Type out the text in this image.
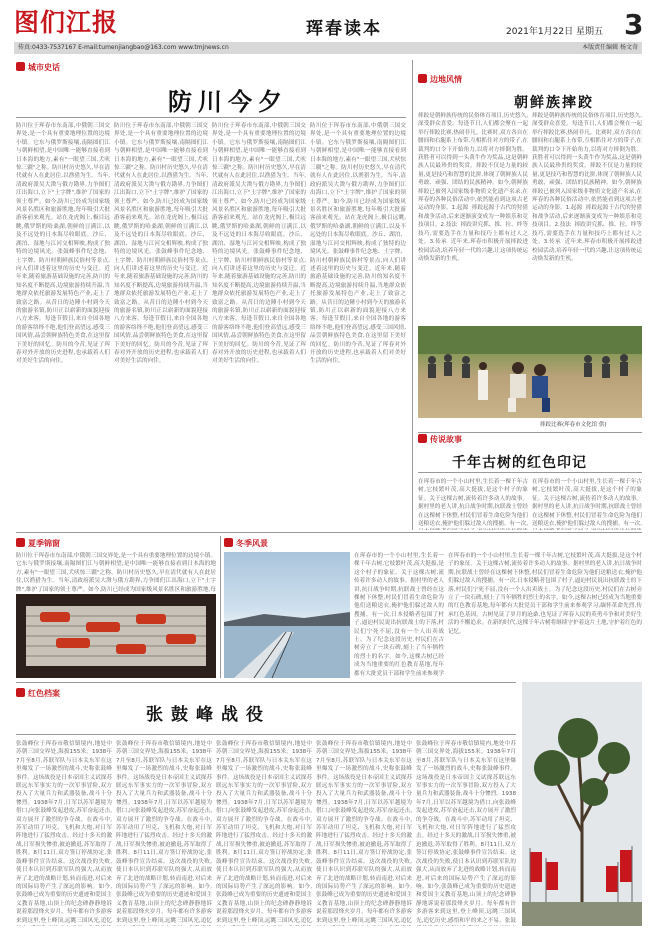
图们江报	珲春读本	2021年1月22日 星期五 3
传真:0433-7537167 E-mail:tumenjiangbao@163.com www.tmjnews.cn	本版责任编辑 杨文奇
城市史话
防川今夕
防川位于珲春市东南部,中俄朝三国交界处,是一个具有重要地理位置的边境小镇。它东与俄罗斯接壤,南隔图们江与朝鲜相望,是中国唯一能够直接看到日本海的地方,素有"一眼望三国,犬吠惊三疆"之称。防川村历史悠久,早在清代就有人在此居住,以渔猎为生。当年,清政府派吴大澂与俄方勘界,力争图们江出海口,立下"土字牌",维护了国家的领土尊严。如今,防川已经成为国家级风景名胜区和旅游胜地,每年吸引大批游客前来观光。站在龙虎阁上,极目远眺,俄罗斯的哈桑湖,朝鲜的豆满江,以及不远处的日本海尽收眼底。沙丘、湖泊、湿地与江河交相辉映,构成了独特的边境风光。张鼓峰事件纪念地、土字牌、防川村朝鲜族民俗村等景点,向人们讲述着这里的历史与变迁。近年来,随着旅游基础设施的完善,防川的知名度不断提高,边境旅游持续升温,当地群众依托旅游发展特色产业,走上了致富之路。从昔日的边陲小村到今天的旅游名镇,防川正以崭新的面貌迎接八方来客。每逢节假日,来自全国各地的游客络绎不绝,他们登高望远,感受三国风情,品尝朝鲜族特色美食,在这里留下美好的回忆。防川的今昔,见证了珲春对外开放的历史进程,也承载着人们对美好生活的向往。
防川位于珲春市东南部,中俄朝三国交界处,是一个具有重要地理位置的边境小镇。它东与俄罗斯接壤,南隔图们江与朝鲜相望,是中国唯一能够直接看到日本海的地方,素有"一眼望三国,犬吠惊三疆"之称。防川村历史悠久,早在清代就有人在此居住,以渔猎为生。当年,清政府派吴大澂与俄方勘界,力争图们江出海口,立下"土字牌",维护了国家的领土尊严。如今,防川已经成为国家级风景名胜区和旅游胜地,每年吸引大批游客前来观光。站在龙虎阁上,极目远眺,俄罗斯的哈桑湖,朝鲜的豆满江,以及不远处的日本海尽收眼底。沙丘、湖泊、湿地与江河交相辉映,构成了独特的边境风光。张鼓峰事件纪念地、土字牌、防川村朝鲜族民俗村等景点,向人们讲述着这里的历史与变迁。近年来,随着旅游基础设施的完善,防川的知名度不断提高,边境旅游持续升温,当地群众依托旅游发展特色产业,走上了致富之路。从昔日的边陲小村到今天的旅游名镇,防川正以崭新的面貌迎接八方来客。每逢节假日,来自全国各地的游客络绎不绝,他们登高望远,感受三国风情,品尝朝鲜族特色美食,在这里留下美好的回忆。防川的今昔,见证了珲春对外开放的历史进程,也承载着人们对美好生活的向往。
防川位于珲春市东南部,中俄朝三国交界处,是一个具有重要地理位置的边境小镇。它东与俄罗斯接壤,南隔图们江与朝鲜相望,是中国唯一能够直接看到日本海的地方,素有"一眼望三国,犬吠惊三疆"之称。防川村历史悠久,早在清代就有人在此居住,以渔猎为生。当年,清政府派吴大澂与俄方勘界,力争图们江出海口,立下"土字牌",维护了国家的领土尊严。如今,防川已经成为国家级风景名胜区和旅游胜地,每年吸引大批游客前来观光。站在龙虎阁上,极目远眺,俄罗斯的哈桑湖,朝鲜的豆满江,以及不远处的日本海尽收眼底。沙丘、湖泊、湿地与江河交相辉映,构成了独特的边境风光。张鼓峰事件纪念地、土字牌、防川村朝鲜族民俗村等景点,向人们讲述着这里的历史与变迁。近年来,随着旅游基础设施的完善,防川的知名度不断提高,边境旅游持续升温,当地群众依托旅游发展特色产业,走上了致富之路。从昔日的边陲小村到今天的旅游名镇,防川正以崭新的面貌迎接八方来客。每逢节假日,来自全国各地的游客络绎不绝,他们登高望远,感受三国风情,品尝朝鲜族特色美食,在这里留下美好的回忆。防川的今昔,见证了珲春对外开放的历史进程,也承载着人们对美好生活的向往。
防川位于珲春市东南部,中俄朝三国交界处,是一个具有重要地理位置的边境小镇。它东与俄罗斯接壤,南隔图们江与朝鲜相望,是中国唯一能够直接看到日本海的地方,素有"一眼望三国,犬吠惊三疆"之称。防川村历史悠久,早在清代就有人在此居住,以渔猎为生。当年,清政府派吴大澂与俄方勘界,力争图们江出海口,立下"土字牌",维护了国家的领土尊严。如今,防川已经成为国家级风景名胜区和旅游胜地,每年吸引大批游客前来观光。站在龙虎阁上,极目远眺,俄罗斯的哈桑湖,朝鲜的豆满江,以及不远处的日本海尽收眼底。沙丘、湖泊、湿地与江河交相辉映,构成了独特的边境风光。张鼓峰事件纪念地、土字牌、防川村朝鲜族民俗村等景点,向人们讲述着这里的历史与变迁。近年来,随着旅游基础设施的完善,防川的知名度不断提高,边境旅游持续升温,当地群众依托旅游发展特色产业,走上了致富之路。从昔日的边陲小村到今天的旅游名镇,防川正以崭新的面貌迎接八方来客。每逢节假日,来自全国各地的游客络绎不绝,他们登高望远,感受三国风情,品尝朝鲜族特色美食,在这里留下美好的回忆。防川的今昔,见证了珲春对外开放的历史进程,也承载着人们对美好生活的向往。
边地风情
朝鲜族摔跤
摔跤是朝鲜族传统的民俗体育项目,历史悠久,深受群众喜爱。每逢节日,人们都会聚在一起举行摔跤比赛,热闹非凡。比赛时,双方各自在腰间和右腿系上布带,互相抓住对方的带子,在裁判的口令下开始角力,以将对方摔倒为胜。获胜者可以得到一头黄牛作为奖品,这是朝鲜族人民最珍贵的奖赏。摔跤不仅是力量的较量,更是技巧和智慧的比拼,体现了朝鲜族人民勇敢、顽强、团结的民族精神。如今,朝鲜族摔跤已被列入国家级非物质文化遗产名录,在珲春的各种民俗活动中,依然能看到这项古老运动的身影。1.起源  摔跤起源于古代的狩猎和战争活动,后来逐渐演变成为一种娱乐和竞技项目。2.技法  摔跤讲究抓、推、拉、绊等技巧,需要选手在力量和技巧上都有过人之处。3.传承  近年来,珲春市积极开展摔跤进校园活动,培养年轻一代的兴趣,让这项传统运动焕发新的生机。
摔跤是朝鲜族传统的民俗体育项目,历史悠久,深受群众喜爱。每逢节日,人们都会聚在一起举行摔跤比赛,热闹非凡。比赛时,双方各自在腰间和右腿系上布带,互相抓住对方的带子,在裁判的口令下开始角力,以将对方摔倒为胜。获胜者可以得到一头黄牛作为奖品,这是朝鲜族人民最珍贵的奖赏。摔跤不仅是力量的较量,更是技巧和智慧的比拼,体现了朝鲜族人民勇敢、顽强、团结的民族精神。如今,朝鲜族摔跤已被列入国家级非物质文化遗产名录,在珲春的各种民俗活动中,依然能看到这项古老运动的身影。1.起源  摔跤起源于古代的狩猎和战争活动,后来逐渐演变成为一种娱乐和竞技项目。2.技法  摔跤讲究抓、推、拉、绊等技巧,需要选手在力量和技巧上都有过人之处。3.传承  近年来,珲春市积极开展摔跤进校园活动,培养年轻一代的兴趣,让这项传统运动焕发新的生机。
摔跤比赛(珲春市文化馆 供)
传说故事
千年古树的红色印记
在珲春市的一个小山村里,生长着一棵千年古树,它枝繁叶茂,高大挺拔,是这个村子的象征。关于这棵古树,流传着许多动人的故事。据村里的老人讲,抗日战争时期,抗联战士曾经在这棵树下休整,村民们冒着生命危险为他们送粮送衣,掩护他们躲过敌人的搜捕。有一次,
在珲春市的一个小山村里,生长着一棵千年古树,它枝繁叶茂,高大挺拔,是这个村子的象征。关于这棵古树,流传着许多动人的故事。据村里的老人讲,抗日战争时期,抗联战士曾经在这棵树下休整,村民们冒着生命危险为他们送粮送衣,掩护他们躲过敌人的搜捕。有一次,
夏季锦窗
防川位于珲春市东南部,中俄朝三国交界处,是一个具有重要地理位置的边境小镇。它东与俄罗斯接壤,南隔图们江与朝鲜相望,是中国唯一能够直接看到日本海的地方,素有"一眼望三国,犬吠惊三疆"之称。防川村历史悠久,早在清代就有人在此居住,以渔猎为生。当年,清政府派吴大澂与俄方勘界,力争图们江出海口,立下"土字牌",维护了国家的领土尊严。如今,防川已经成为国家级风景名胜区和旅游胜地,每
冬季风景
在珲春市的一个小山村里,生长着一棵千年古树,它枝繁叶茂,高大挺拔,是这个村子的象征。关于这棵古树,流传着许多动人的故事。据村里的老人讲,抗日战争时期,抗联战士曾经在这棵树下休整,村民们冒着生命危险为他们送粮送衣,掩护他们躲过敌人的搜捕。有一次,日本侵略者包围了村子,逼迫村民说出抗联战士的下落,村民们宁死不屈,没有一个人出卖战士。为了纪念这段历史,村民们在古树旁立了一块石碑,刻上了当年牺牲的烈士的名字。如今,这棵古树已经成为当地重要的红色教育基地,每年都有大批党员干部和学生前来参观学
在珲春市的一个小山村里,生长着一棵千年古树,它枝繁叶茂,高大挺拔,是这个村子的象征。关于这棵古树,流传着许多动人的故事。据村里的老人讲,抗日战争时期,抗联战士曾经在这棵树下休整,村民们冒着生命危险为他们送粮送衣,掩护他们躲过敌人的搜捕。有一次,日本侵略者包围了村子,逼迫村民说出抗联战士的下落,村民们宁死不屈,没有一个人出卖战士。为了纪念这段历史,村民们在古树旁立了一块石碑,刻上了当年牺牲的烈士的名字。如今,这棵古树已经成为当地重要的红色教育基地,每年都有大批党员干部和学生前来参观学习,缅怀革命先烈,传承红色基因。古树见证了岁月的沧桑,也见证了珲春人民的英勇斗争和对美好生活的不懈追求。在新的时代,这棵千年古树将继续守护着这片土地,守护着红色的记忆。
红色档案
张鼓峰战役
张鼓峰位于珲春市敬信镇境内,地处中苏朝三国交界处,海拔155米。1938年7月至8月,苏联军队与日本关东军在这里爆发了一场激烈的战斗,史称张鼓峰事件。这场战役是日本帝国主义试探苏联远东军事实力的一次军事冒险,双方投入了大量兵力和武器装备,战斗十分惨烈。1938年7月,日军以苏军越境为借口,向张鼓峰发起进攻,苏军奋起还击,双方展开了激烈的争夺战。在战斗中,苏军动用了坦克、飞机和大炮,对日军阵地进行了猛烈攻击。经过十多天的激战,日军损失惨重,被迫撤退,苏军取得了胜利。8月11日,双方签订停战协定,张鼓峰事件宣告结束。这次战役的失败,使日本认识到苏联军队的强大,从而放弃了北进的战略计划,转而南进,对后来的国际局势产生了深远的影响。如今,张鼓峰已成为重要的历史遗迹和爱国主义教育基地,山顶上的纪念碑静静地诉说着那段烽火岁月。每年都有许多游客来到这里,登上峰顶,远眺三国风光,追忆
张鼓峰位于珲春市敬信镇境内,地处中苏朝三国交界处,海拔155米。1938年7月至8月,苏联军队与日本关东军在这里爆发了一场激烈的战斗,史称张鼓峰事件。这场战役是日本帝国主义试探苏联远东军事实力的一次军事冒险,双方投入了大量兵力和武器装备,战斗十分惨烈。1938年7月,日军以苏军越境为借口,向张鼓峰发起进攻,苏军奋起还击,双方展开了激烈的争夺战。在战斗中,苏军动用了坦克、飞机和大炮,对日军阵地进行了猛烈攻击。经过十多天的激战,日军损失惨重,被迫撤退,苏军取得了胜利。8月11日,双方签订停战协定,张鼓峰事件宣告结束。这次战役的失败,使日本认识到苏联军队的强大,从而放弃了北进的战略计划,转而南进,对后来的国际局势产生了深远的影响。如今,张鼓峰已成为重要的历史遗迹和爱国主义教育基地,山顶上的纪念碑静静地诉说着那段烽火岁月。每年都有许多游客来到这里,登上峰顶,远眺三国风光,追忆
张鼓峰位于珲春市敬信镇境内,地处中苏朝三国交界处,海拔155米。1938年7月至8月,苏联军队与日本关东军在这里爆发了一场激烈的战斗,史称张鼓峰事件。这场战役是日本帝国主义试探苏联远东军事实力的一次军事冒险,双方投入了大量兵力和武器装备,战斗十分惨烈。1938年7月,日军以苏军越境为借口,向张鼓峰发起进攻,苏军奋起还击,双方展开了激烈的争夺战。在战斗中,苏军动用了坦克、飞机和大炮,对日军阵地进行了猛烈攻击。经过十多天的激战,日军损失惨重,被迫撤退,苏军取得了胜利。8月11日,双方签订停战协定,张鼓峰事件宣告结束。这次战役的失败,使日本认识到苏联军队的强大,从而放弃了北进的战略计划,转而南进,对后来的国际局势产生了深远的影响。如今,张鼓峰已成为重要的历史遗迹和爱国主义教育基地,山顶上的纪念碑静静地诉说着那段烽火岁月。每年都有许多游客来到这里,登上峰顶,远眺三国风光,追忆
张鼓峰位于珲春市敬信镇境内,地处中苏朝三国交界处,海拔155米。1938年7月至8月,苏联军队与日本关东军在这里爆发了一场激烈的战斗,史称张鼓峰事件。这场战役是日本帝国主义试探苏联远东军事实力的一次军事冒险,双方投入了大量兵力和武器装备,战斗十分惨烈。1938年7月,日军以苏军越境为借口,向张鼓峰发起进攻,苏军奋起还击,双方展开了激烈的争夺战。在战斗中,苏军动用了坦克、飞机和大炮,对日军阵地进行了猛烈攻击。经过十多天的激战,日军损失惨重,被迫撤退,苏军取得了胜利。8月11日,双方签订停战协定,张鼓峰事件宣告结束。这次战役的失败,使日本认识到苏联军队的强大,从而放弃了北进的战略计划,转而南进,对后来的国际局势产生了深远的影响。如今,张鼓峰已成为重要的历史遗迹和爱国主义教育基地,山顶上的纪念碑静静地诉说着那段烽火岁月。每年都有许多游客来到这里,登上峰顶,远眺三国风光,追忆
张鼓峰位于珲春市敬信镇境内,地处中苏朝三国交界处,海拔155米。1938年7月至8月,苏联军队与日本关东军在这里爆发了一场激烈的战斗,史称张鼓峰事件。这场战役是日本帝国主义试探苏联远东军事实力的一次军事冒险,双方投入了大量兵力和武器装备,战斗十分惨烈。1938年7月,日军以苏军越境为借口,向张鼓峰发起进攻,苏军奋起还击,双方展开了激烈的争夺战。在战斗中,苏军动用了坦克、飞机和大炮,对日军阵地进行了猛烈攻击。经过十多天的激战,日军损失惨重,被迫撤退,苏军取得了胜利。8月11日,双方签订停战协定,张鼓峰事件宣告结束。这次战役的失败,使日本认识到苏联军队的强大,从而放弃了北进的战略计划,转而南进,对后来的国际局势产生了深远的影响。如今,张鼓峰已成为重要的历史遗迹和爱国主义教育基地,山顶上的纪念碑静静地诉说着那段烽火岁月。每年都有许多游客来到这里,登上峰顶,远眺三国风光,追忆历史,感悟和平的来之不易。张鼓
